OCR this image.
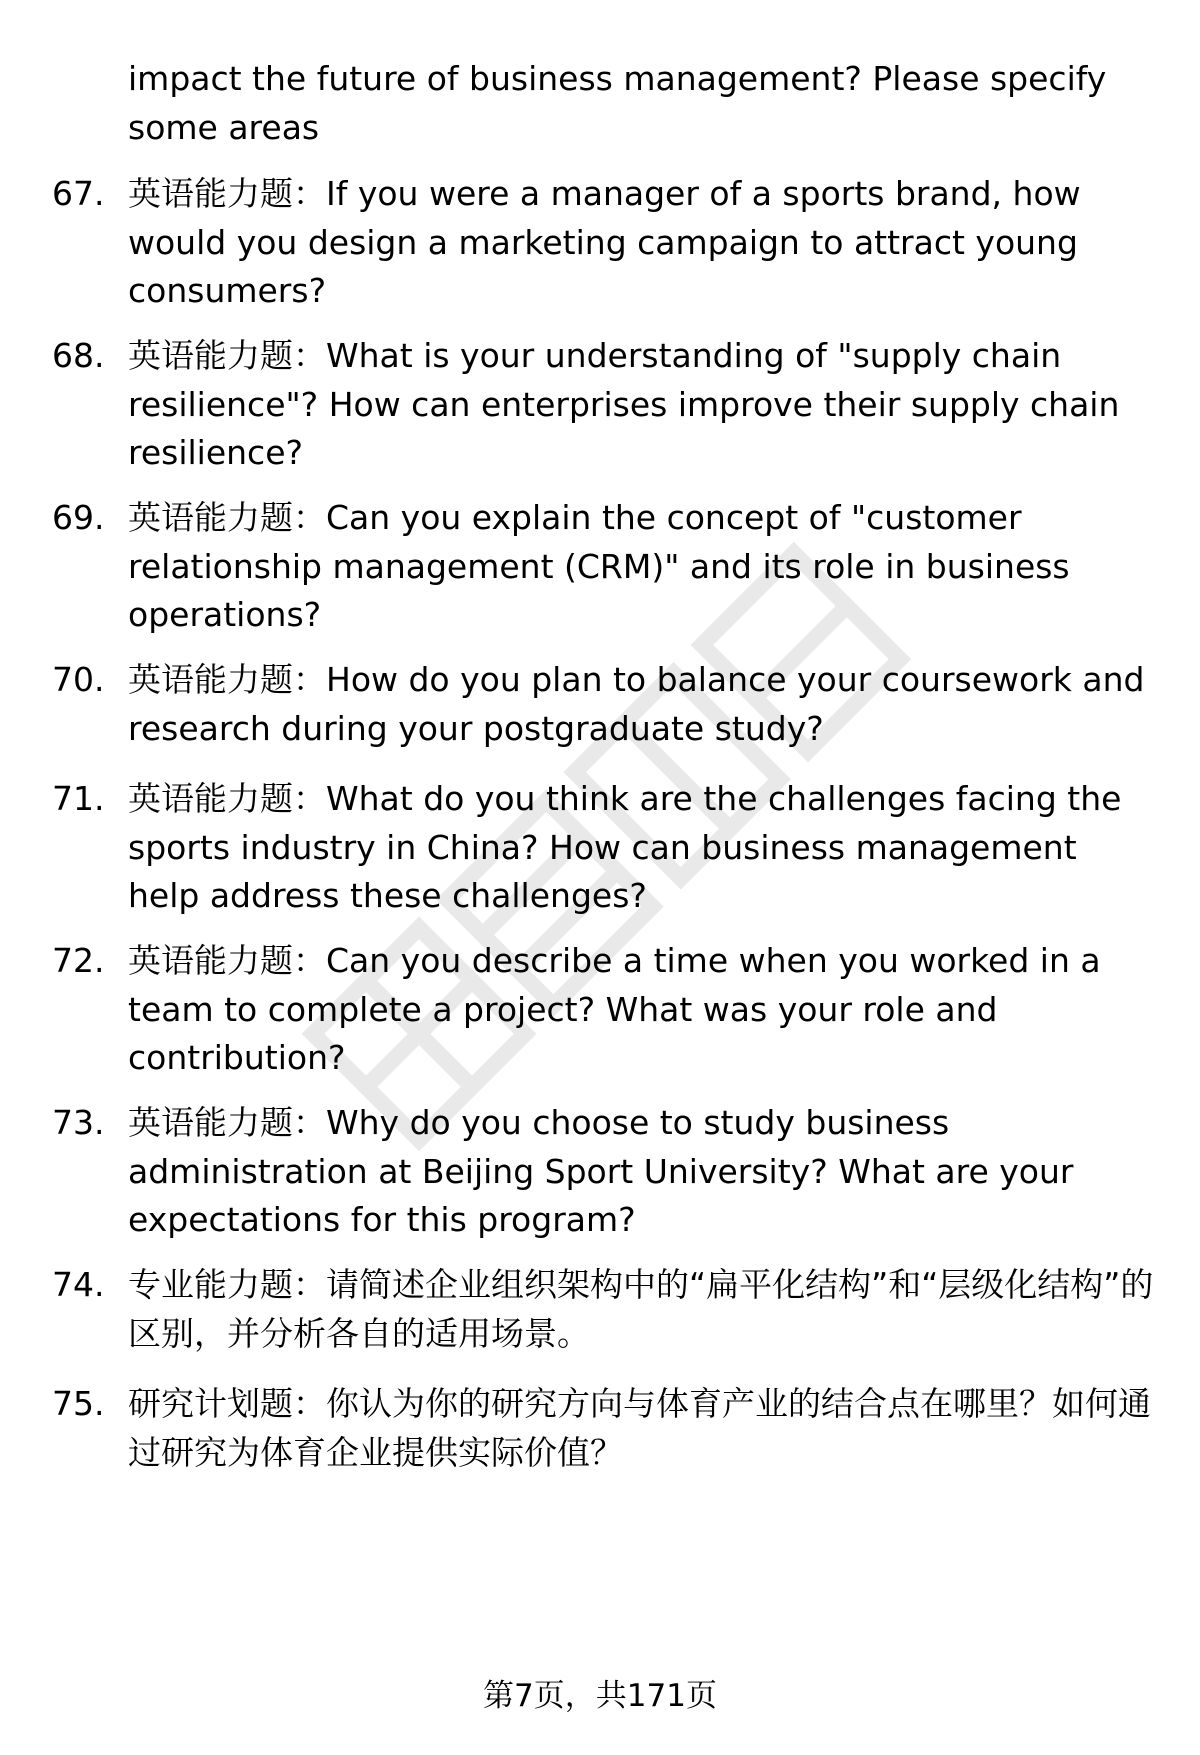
impact the future of business management? Please specify some areas
67. 英语能力题：If you were a manager of a sports brand, how would you design a marketing campaign to attract young consumers?
68. 英语能力题：What is your understanding of "supply chain resilience"? How can enterprises improve their supply chain resilience?
69. 英语能力题：Can you explain the concept of "customer relationship management (CRM)" and its role in business operations?
70. 英语能力题：How do you plan to balance your coursework and research during your postgraduate study?
71. 英语能力题：What do you think are the challenges facing the sports industry in China? How can business management help address these challenges?
72. 英语能力题：Can you describe a time when you worked in a team to complete a project? What was your role and contribution?
73. 英语能力题：Why do you choose to study business administration at Beijing Sport University? What are your expectations for this program?
74. 专业能力题：请简述企业组织架构中的“扁平化结构”和“层级化结构”的区别，并分析各自的适用场景。
75. 研究计划题：你认为你的研究方向与体育产业的结合点在哪里？如何通过研究为体育企业提供实际价值？
第7页，共171页
